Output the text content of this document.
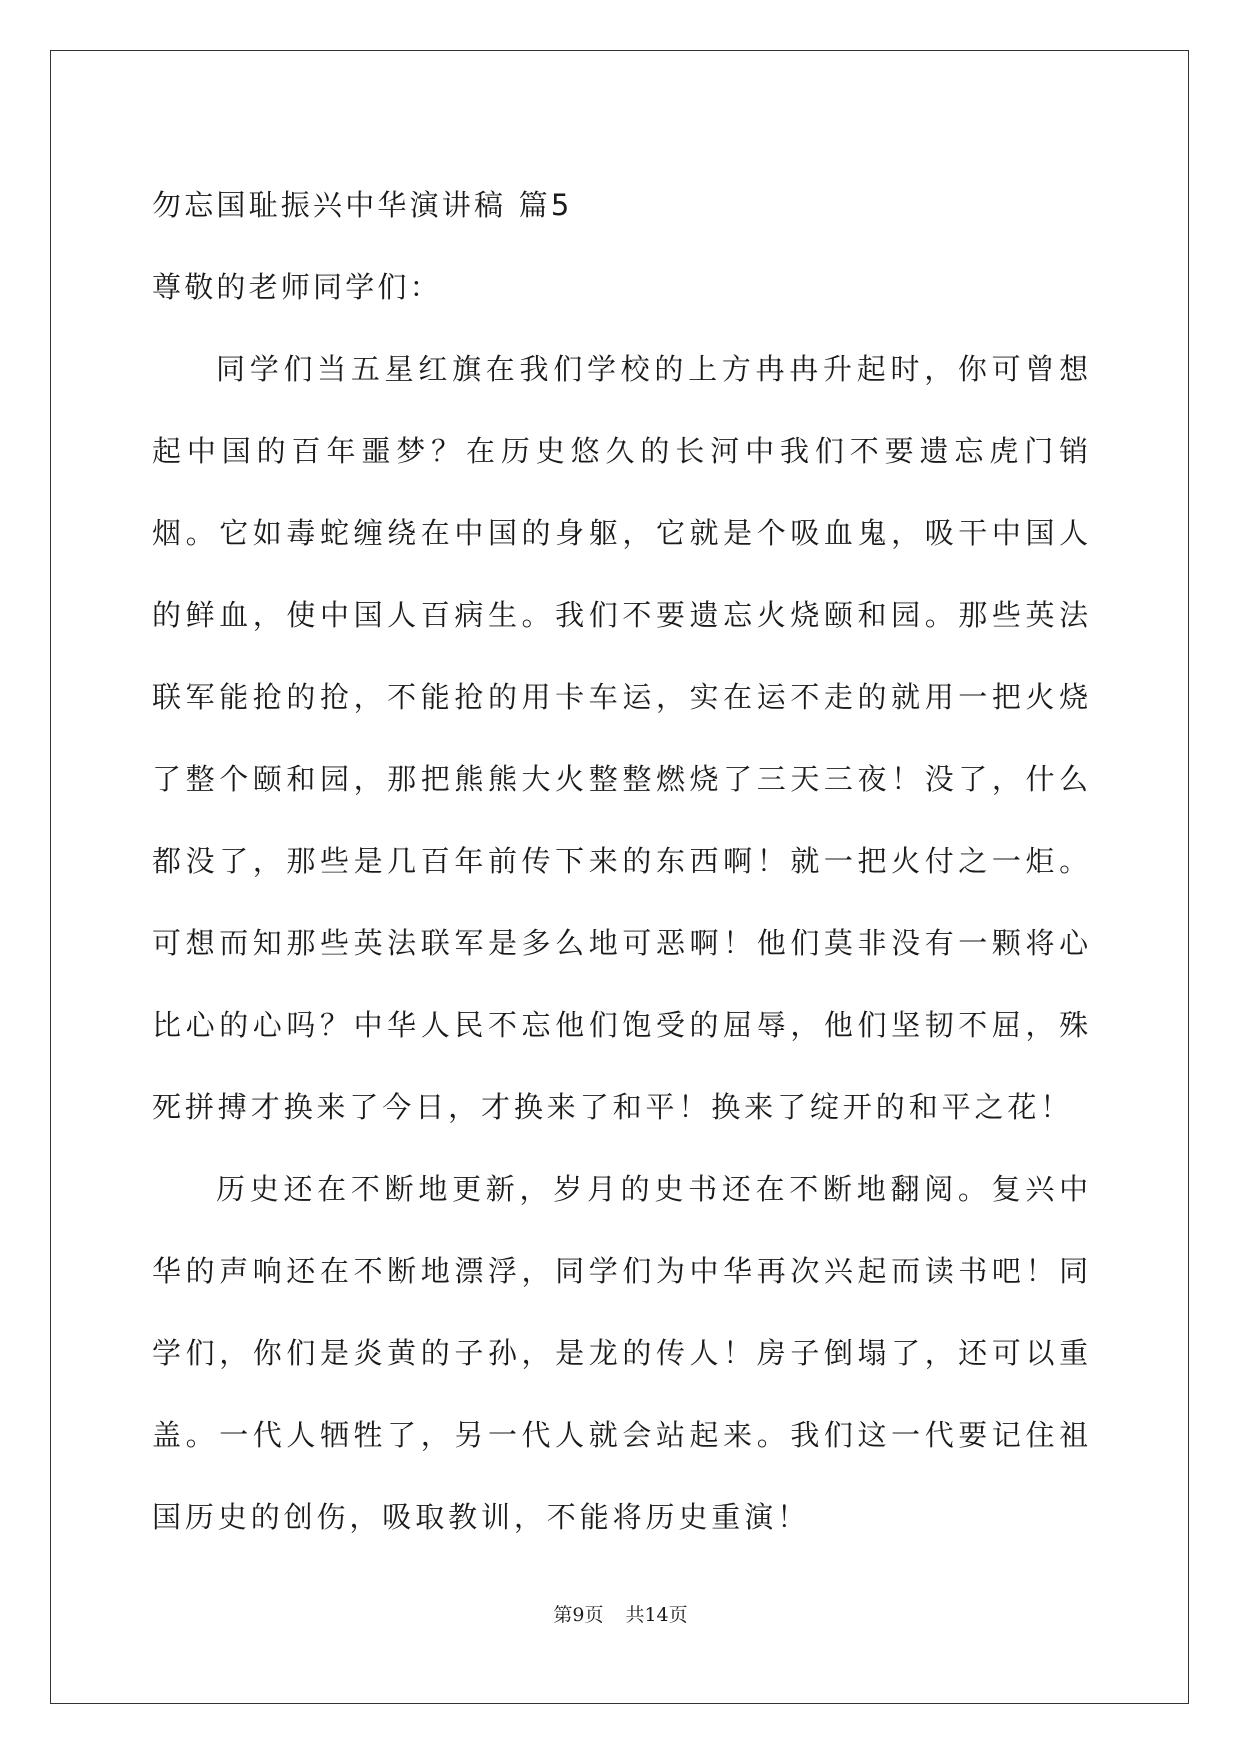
勿忘国耻振兴中华演讲稿 篇5
尊敬的老师同学们：

同学们当五星红旗在我们学校的上方冉冉升起时，你可曾想起中国的百年噩梦？在历史悠久的长河中我们不要遗忘虎门销烟。它如毒蛇缠绕在中国的身躯，它就是个吸血鬼，吸干中国人的鲜血，使中国人百病生。我们不要遗忘火烧颐和园。那些英法联军能抢的抢，不能抢的用卡车运，实在运不走的就用一把火烧了整个颐和园，那把熊熊大火整整燃烧了三天三夜！没了，什么都没了，那些是几百年前传下来的东西啊！就一把火付之一炬。可想而知那些英法联军是多么地可恶啊！他们莫非没有一颗将心比心的心吗？中华人民不忘他们饱受的屈辱，他们坚韧不屈，殊死拼搏才换来了今日，才换来了和平！换来了绽开的和平之花！

历史还在不断地更新，岁月的史书还在不断地翻阅。复兴中华的声响还在不断地漂浮，同学们为中华再次兴起而读书吧！同学们，你们是炎黄的子孙，是龙的传人！房子倒塌了，还可以重盖。一代人牺牲了，另一代人就会站起来。我们这一代要记住祖国历史的创伤，吸取教训，不能将历史重演！

第9页 共14页
